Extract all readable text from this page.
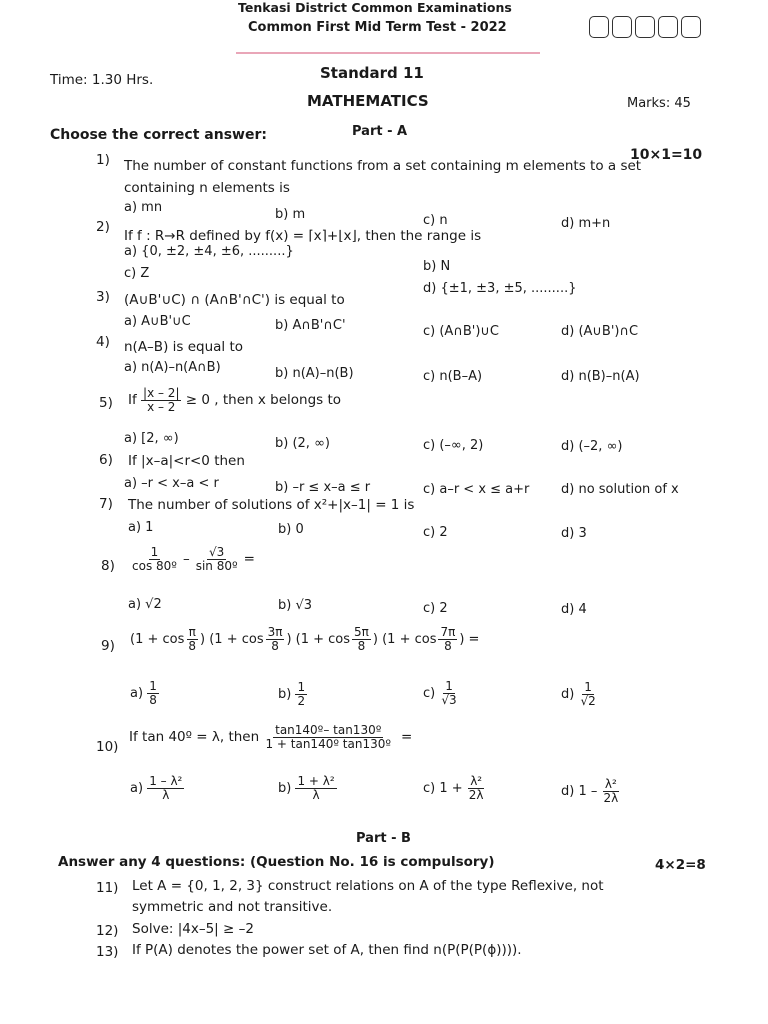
Tenkasi District Common Examinations
Common First Mid Term Test - 2022
Time: 1.30 Hrs.	Standard 11
MATHEMATICS	Marks: 45
Part - A
Choose the correct answer:
10×1=10
1) The number of constant functions from a set containing m elements to a set
containing n elements is
a) mn	b) m	c) n	d) m+n
2)
If f : R→R defined by f(x) = ⌈x⌉+⌊x⌋, then the range is
a) {0, ±2, ±4, ±6, .........}
b) N
c) Z
d) {±1, ±3, ±5, .........}
3) (A∪B'∪C) ∩ (A∩B'∩C') is equal to
a) A∪B'∪C	b) A∩B'∩C'	c) (A∩B')∪C	d) (A∪B')∩C
4) n(A–B) is equal to
a) n(A)–n(A∩B)	b) n(A)–n(B)	c) n(B–A)	d) n(B)–n(A)
5) If
$\frac{|x - 2|}{x - 2}$
≥ 0 , then x belongs to
a) [2, ∞)	b) (2, ∞)	c) (–∞, 2)	d) (–2, ∞)
6) If |x–a|<r<0 then
a) –r < x–a < r	b) –r ≤ x–a ≤ r	c) a–r < x ≤ a+r d) no solution of x
7) The number of solutions of x²+|x–1| = 1 is
a) 1	b) 0	c) 2	d) 3
$8) \frac{1}{\text{cos 80º}} - \frac{√3}{\text{sin 80º}}$ =
a) √2	b) √3	c) 2	d) 4
9) ($1 + \cos \frac{\pi}{8}$ ) ($1 + \cos \frac{3\pi}{8}$ ) ($1 + \cos \frac{5\pi}{8}$ ) ($1 + \cos \frac{7\pi}{8}$ ) =
a)
$\frac{1}{8}$	b)
$\frac{1}{2}$	c)
$\frac{1}{√3}$	d)
$\frac{1}{√2}$
10)
If tan 40º = λ, then
$\frac{\text{tan140º– tan130º}}{\text{1 + tan140º tan130º}}$ =
a)
$\frac{\text{1 – λ²}}{\lambda}$	b)
$\frac{\text{1 + λ²}}{\lambda}$	c) 1 +
$\frac{\text{λ²}}{2\lambda}$	d) 1 –
$\frac{\text{λ²}}{2\lambda}$
Part - B
Answer any 4 questions: (Question No. 16 is compulsory)	4×2=8
11) Let A = {0, 1, 2, 3} construct relations on A of the type Reflexive, not
symmetric and not transitive.
12) Solve: |4x–5| ≥ –2
13) If P(A) denotes the power set of A, then find n(P(P(P(ϕ)))).
